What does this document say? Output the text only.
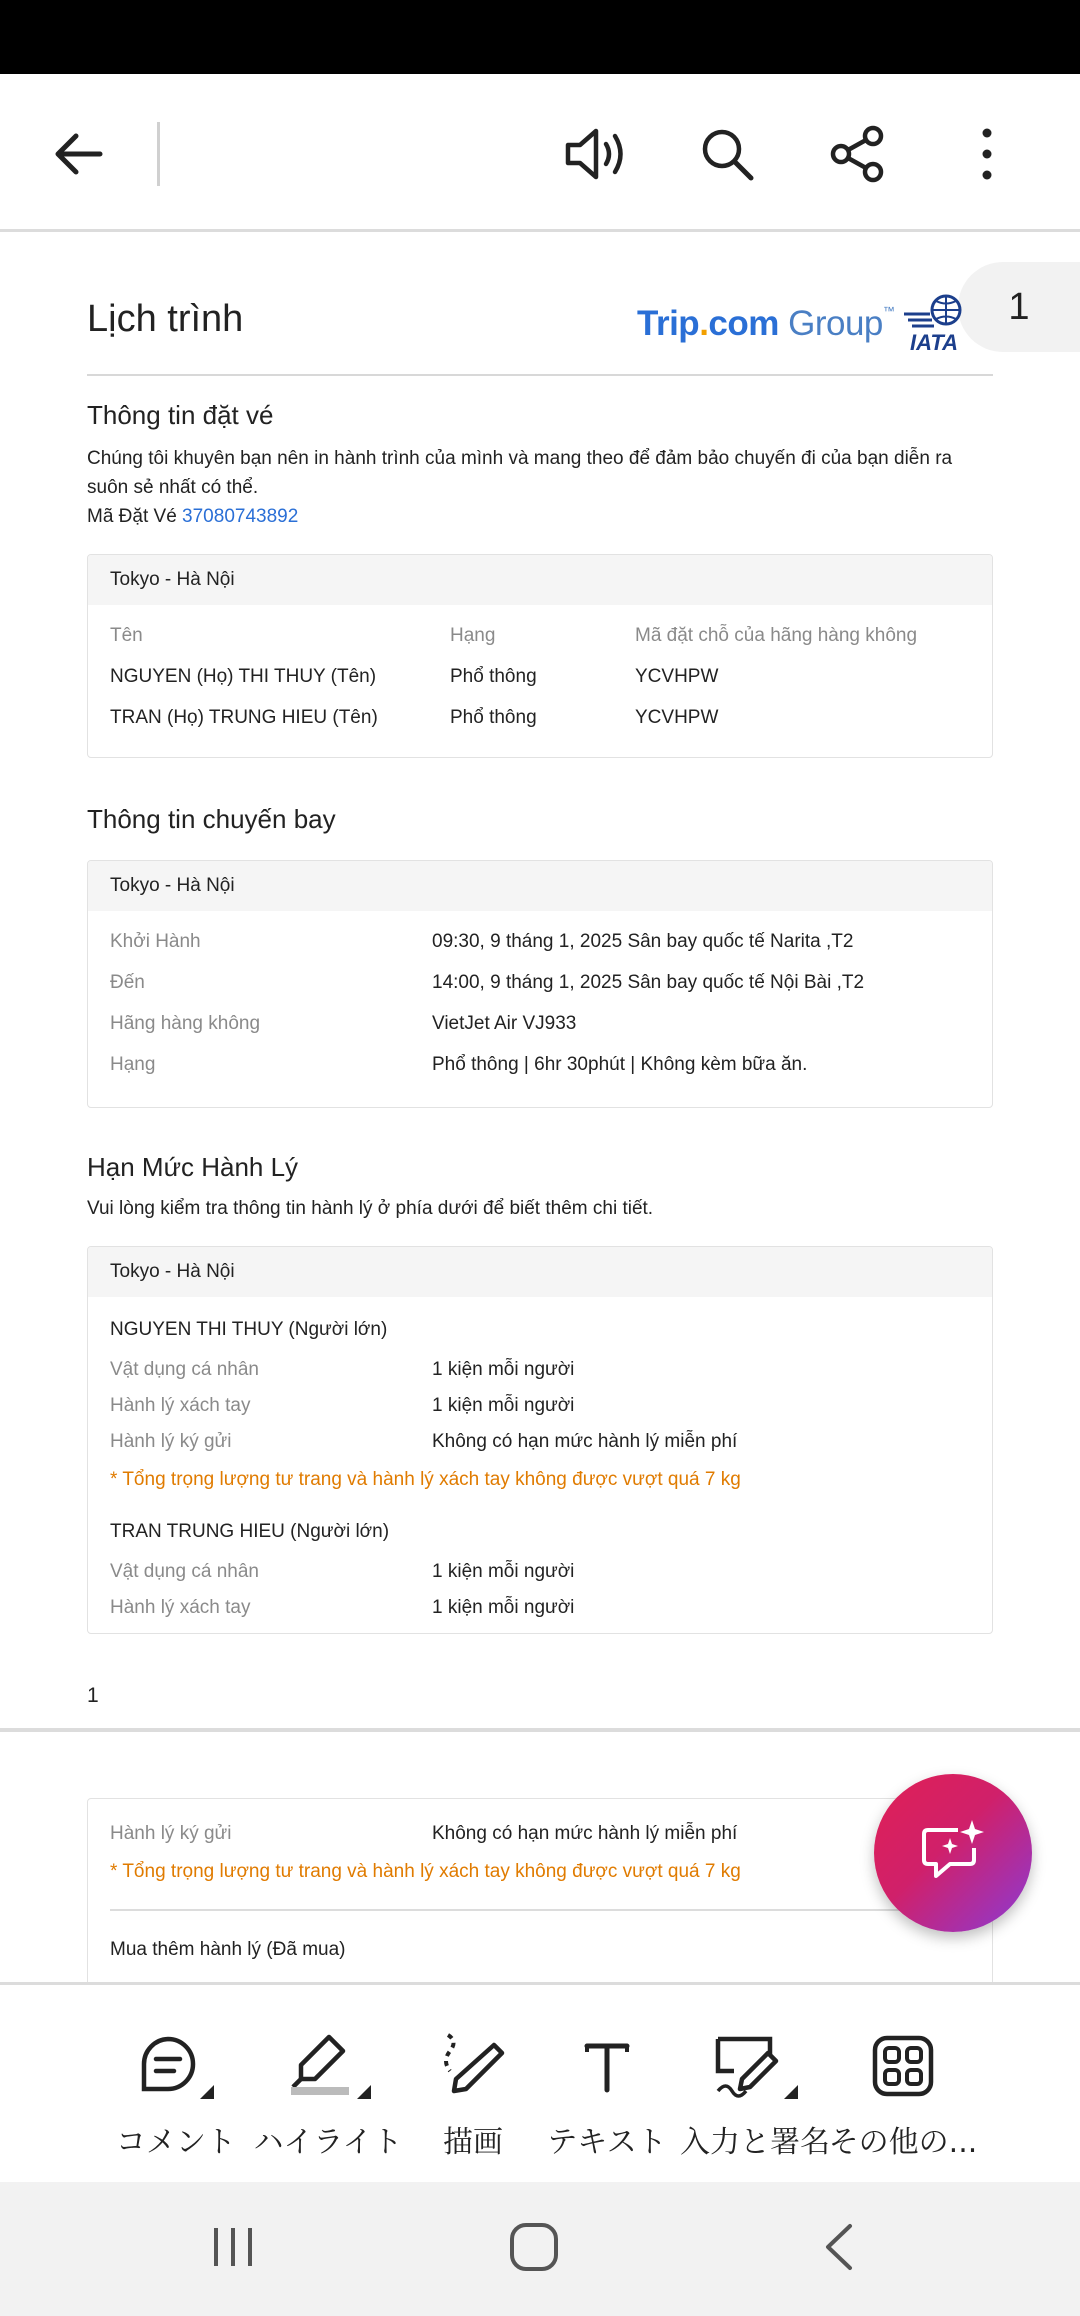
1
Lịch trình	Trip.com Group™
IATA
Thông tin đặt vé
Chúng tôi khuyên bạn nên in hành trình của mình và mang theo để đảm bảo chuyến đi của bạn diễn ra suôn sẻ nhất có thể.
Mã Đặt Vé 37080743892
Tokyo - Hà Nội
Tên	Hạng	Mã đặt chỗ của hãng hàng không
NGUYEN (Họ) THI THUY (Tên)	Phổ thông	YCVHPW
TRAN (Họ) TRUNG HIEU (Tên)	Phổ thông	YCVHPW
Thông tin chuyến bay
Tokyo - Hà Nội
Khởi Hành	09:30, 9 tháng 1, 2025 Sân bay quốc tế Narita ,T2
Đến	14:00, 9 tháng 1, 2025 Sân bay quốc tế Nội Bài ,T2
Hãng hàng không	VietJet Air VJ933
Hạng	Phổ thông | 6hr 30phút | Không kèm bữa ăn.
Hạn Mức Hành Lý
Vui lòng kiểm tra thông tin hành lý ở phía dưới để biết thêm chi tiết.
Tokyo - Hà Nội
NGUYEN THI THUY (Người lớn)
Vật dụng cá nhân	1 kiện mỗi người
Hành lý xách tay	1 kiện mỗi người
Hành lý ký gửi	Không có hạn mức hành lý miễn phí
* Tổng trọng lượng tư trang và hành lý xách tay không được vượt quá 7 kg
TRAN TRUNG HIEU (Người lớn)
Vật dụng cá nhân	1 kiện mỗi người
Hành lý xách tay	1 kiện mỗi người
1
Hành lý ký gửi	Không có hạn mức hành lý miễn phí
* Tổng trọng lượng tư trang và hành lý xách tay không được vượt quá 7 kg
Mua thêm hành lý (Đã mua)
コメント ハイライト	描画	テキスト 入力と署名
その他の...
